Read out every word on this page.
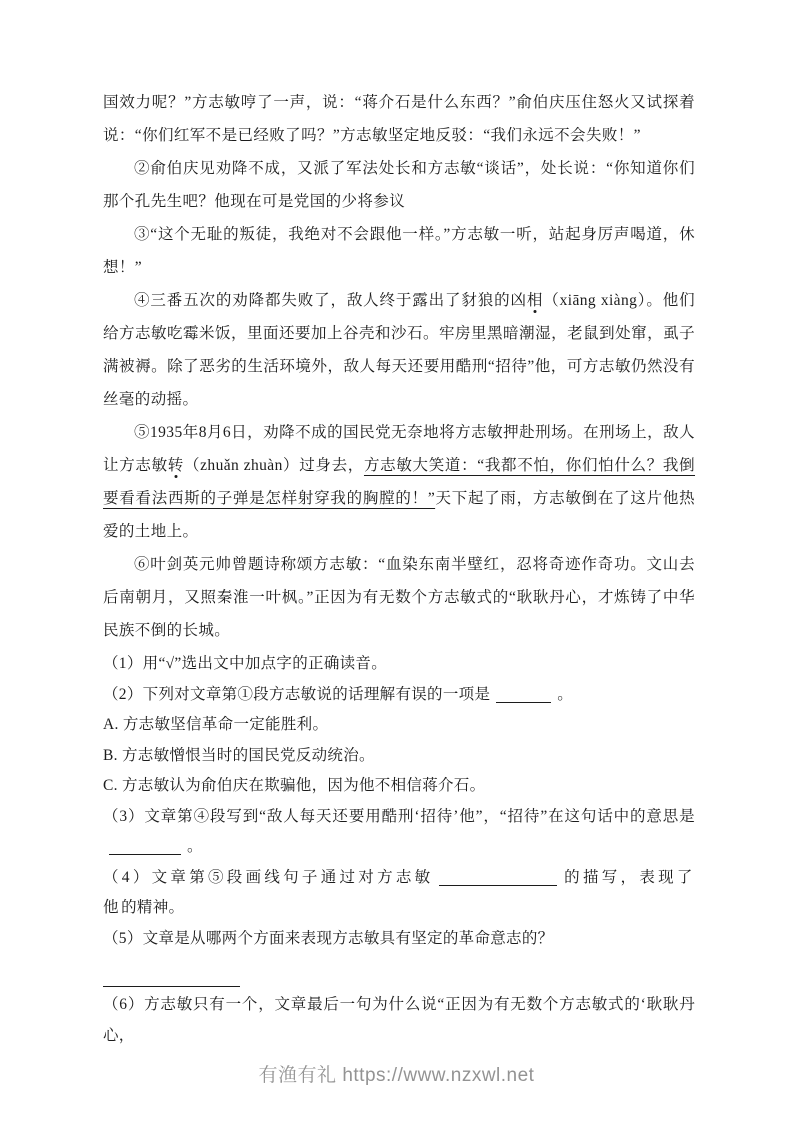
国效力呢？”方志敏哼了一声，说：“蒋介石是什么东西？”俞伯庆压住怒火又试探着说：“你们红军不是已经败了吗？”方志敏坚定地反驳：“我们永远不会失败！”

②俞伯庆见劝降不成，又派了军法处长和方志敏“谈话”，处长说：“你知道你们那个孔先生吧？他现在可是党国的少将参议

③“这个无耻的叛徒，我绝对不会跟他一样。”方志敏一听，站起身厉声喝道，休想！”

④三番五次的劝降都失败了，敌人终于露出了豺狼的凶相（xiāng xiàng）。他们给方志敏吃霉米饭，里面还要加上谷壳和沙石。牢房里黑暗潮湿，老鼠到处窜，虱子满被褥。除了恶劣的生活环境外，敌人每天还要用酷刑“招待”他，可方志敏仍然没有丝毫的动摇。

⑤1935年8月6日，劝降不成的国民党无奈地将方志敏押赴刑场。在刑场上，敌人让方志敏转（zhuǎn zhuàn）过身去，方志敏大笑道：“我都不怕，你们怕什么？我倒要看看法西斯的子弹是怎样射穿我的胸膛的！”天下起了雨，方志敏倒在了这片他热爱的土地上。

⑥叶剑英元帅曾题诗称颂方志敏：“血染东南半壁红，忍将奇迹作奇功。文山去后南朝月，又照秦淮一叶枫。”正因为有无数个方志敏式的“耿耿丹心，才炼铸了中华民族不倒的长城。

（1）用“√”选出文中加点字的正确读音。

（2）下列对文章第①段方志敏说的话理解有误的一项是	。

A. 方志敏坚信革命一定能胜利。

B. 方志敏憎恨当时的国民党反动统治。

C. 方志敏认为俞伯庆在欺骗他，因为他不相信蒋介石。

（3）文章第④段写到“敌人每天还要用酷刑‘招待’他”，“招待”在这句话中的意思是。

（4）文章第⑤段画线句子通过对方志敏	的描写，表现了他的精神。

（5）文章是从哪两个方面来表现方志敏具有坚定的革命意志的？

（6）方志敏只有一个，文章最后一句为什么说“正因为有无数个方志敏式的‘耿耿丹心，

有渔有礼 https://www.nzxwl.net
